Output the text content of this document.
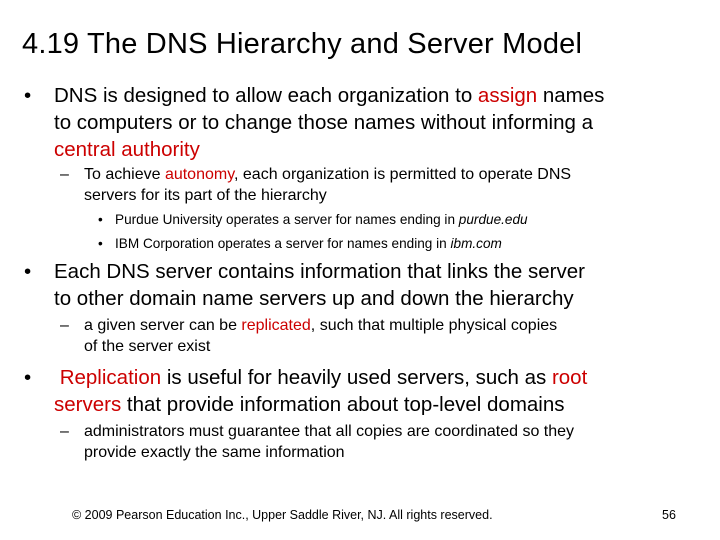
4.19 The DNS Hierarchy and Server Model
• DNS is designed to allow each organization to assign names
to computers or to change those names without informing a
central authority
– To achieve autonomy, each organization is permitted to operate DNS
servers for its part of the hierarchy
• Purdue University operates a server for names ending in purdue.edu
• IBM Corporation operates a server for names ending in ibm.com
• Each DNS server contains information that links the server
to other domain name servers up and down the hierarchy
– a given server can be replicated, such that multiple physical copies
of the server exist
• Replication is useful for heavily used servers, such as root
servers that provide information about top-level domains
– administrators must guarantee that all copies are coordinated so they
provide exactly the same information
© 2009 Pearson Education Inc., Upper Saddle River, NJ. All rights reserved.	56
